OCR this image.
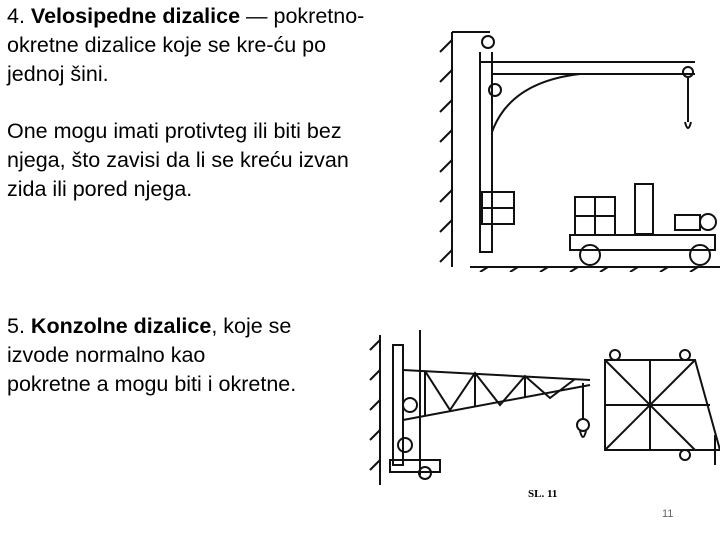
4. Velosipedne dizalice — pokretno-
okretne dizalice koje se kre-ću po
jednoj šini.
One mogu imati protivteg ili biti bez
njega, što zavisi da li se kreću izvan
zida ili pored njega.
5. Konzolne dizalice, koje se
izvode normalno kao
pokretne a mogu biti i okretne.
SL. 11
11
